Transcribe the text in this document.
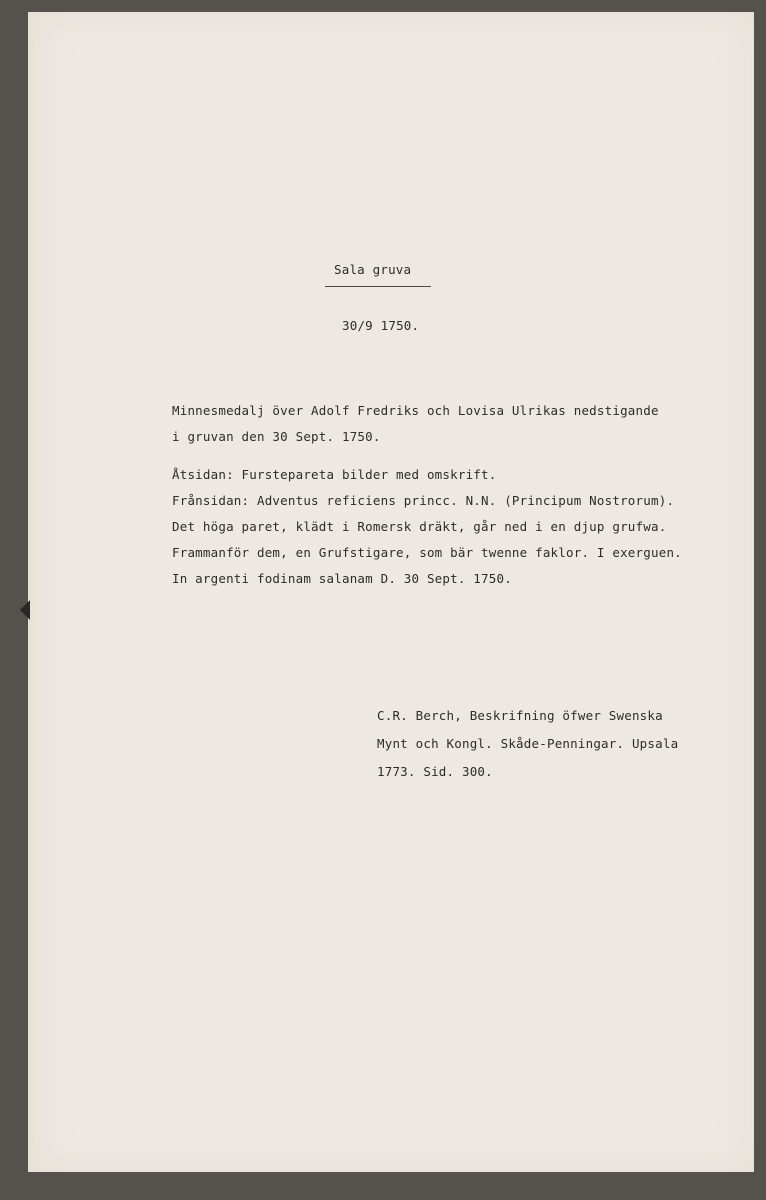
Sala gruva

30/9 1750.

Minnesmedalj över Adolf Fredriks och Lovisa Ulrikas nedstigande
i gruvan den 30 Sept. 1750.
Åtsidan: Furstepareta bilder med omskrift.
Frånsidan: Adventus reficiens princc. N.N. (Principum Nostrorum).
Det höga paret, klädt i Romersk dräkt, går ned i en djup grufwa.
Frammanför dem, en Grufstigare, som bär twenne faklor. I exerguen.
In argenti fodinam salanam D. 30 Sept. 1750.
C.R. Berch, Beskrifning öfwer Swenska
Mynt och Kongl. Skåde-Penningar. Upsala
1773. Sid. 300.
